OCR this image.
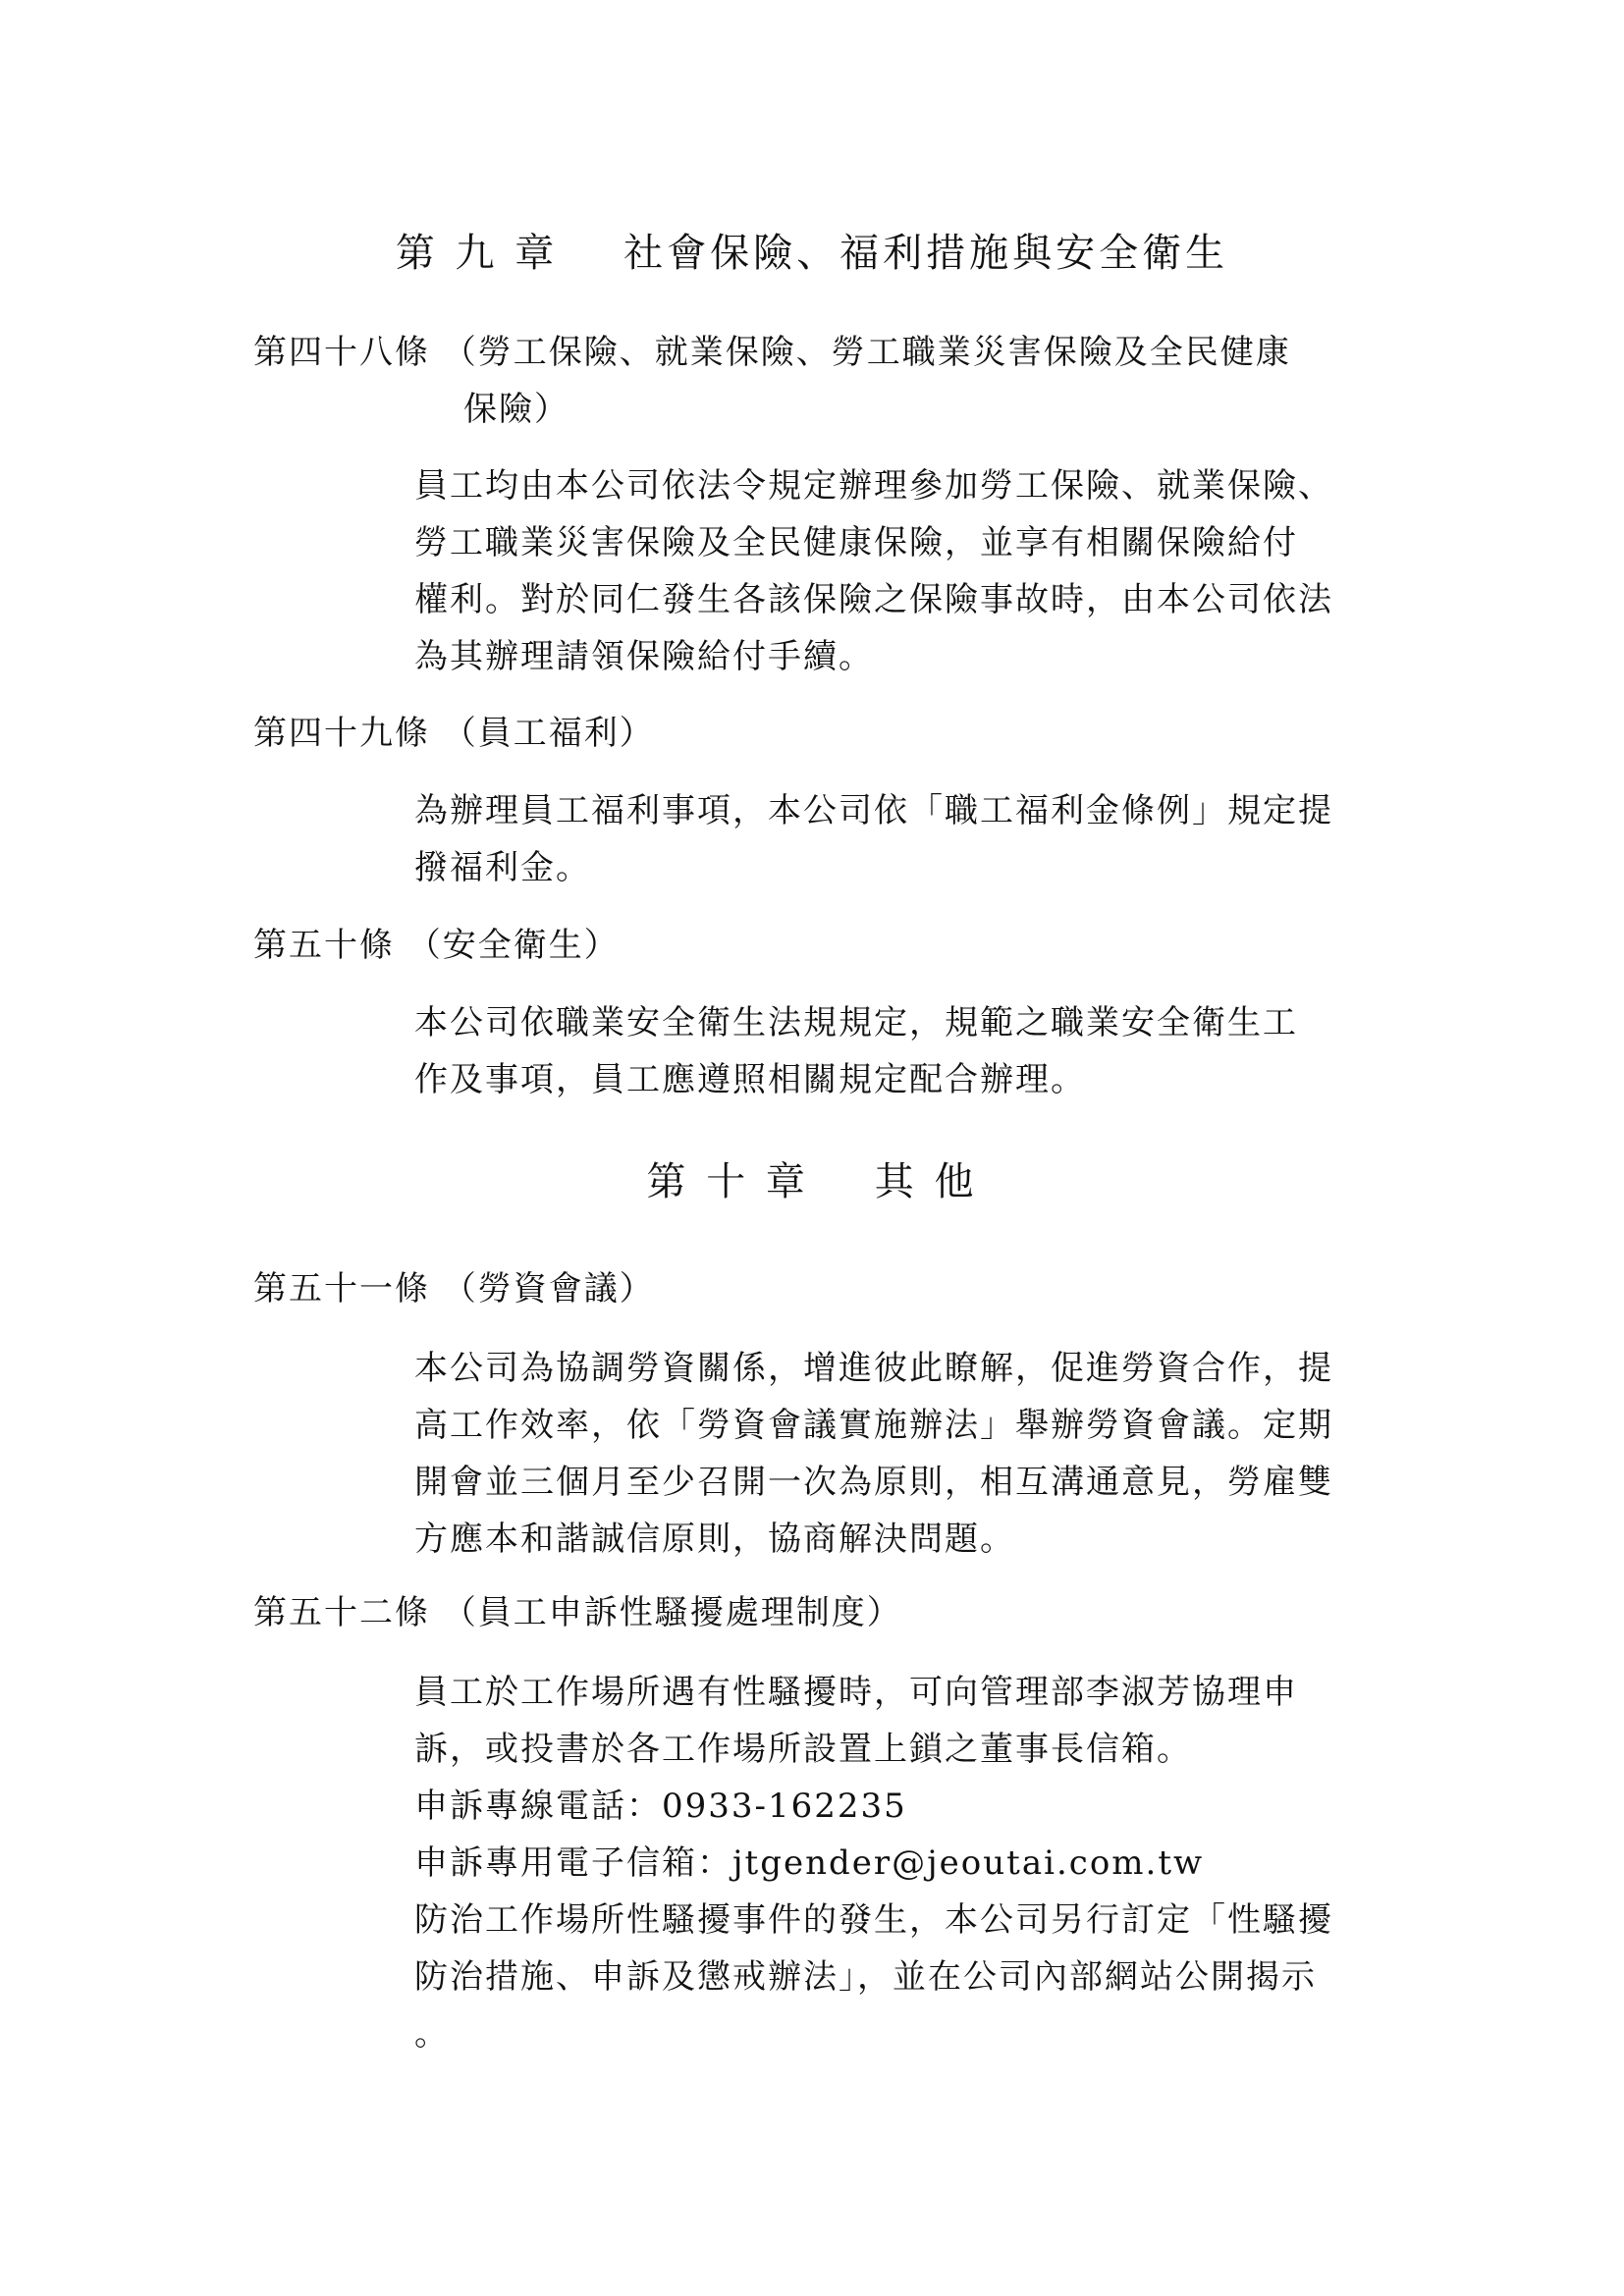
第 九 章    社會保險、福利措施與安全衛生
第四十八條 （勞工保險、就業保險、勞工職業災害保險及全民健康
保險）
員工均由本公司依法令規定辦理參加勞工保險、就業保險、
勞工職業災害保險及全民健康保險，並享有相關保險給付
權利。對於同仁發生各該保險之保險事故時，由本公司依法
為其辦理請領保險給付手續。
第四十九條 （員工福利）
為辦理員工福利事項，本公司依「職工福利金條例」規定提
撥福利金。
第五十條 （安全衛生）
本公司依職業安全衛生法規規定，規範之職業安全衛生工
作及事項，員工應遵照相關規定配合辦理。
第 十 章    其 他
第五十一條 （勞資會議）
本公司為協調勞資關係，增進彼此瞭解，促進勞資合作，提
高工作效率，依「勞資會議實施辦法」舉辦勞資會議。定期
開會並三個月至少召開一次為原則，相互溝通意見，勞雇雙
方應本和諧誠信原則，協商解決問題。
第五十二條 （員工申訴性騷擾處理制度）
員工於工作場所遇有性騷擾時，可向管理部李淑芳協理申
訴，或投書於各工作場所設置上鎖之董事長信箱。
申訴專線電話：0933-162235
申訴專用電子信箱：jtgender@jeoutai.com.tw
防治工作場所性騷擾事件的發生，本公司另行訂定「性騷擾
防治措施、申訴及懲戒辦法」，並在公司內部網站公開揭示
。
